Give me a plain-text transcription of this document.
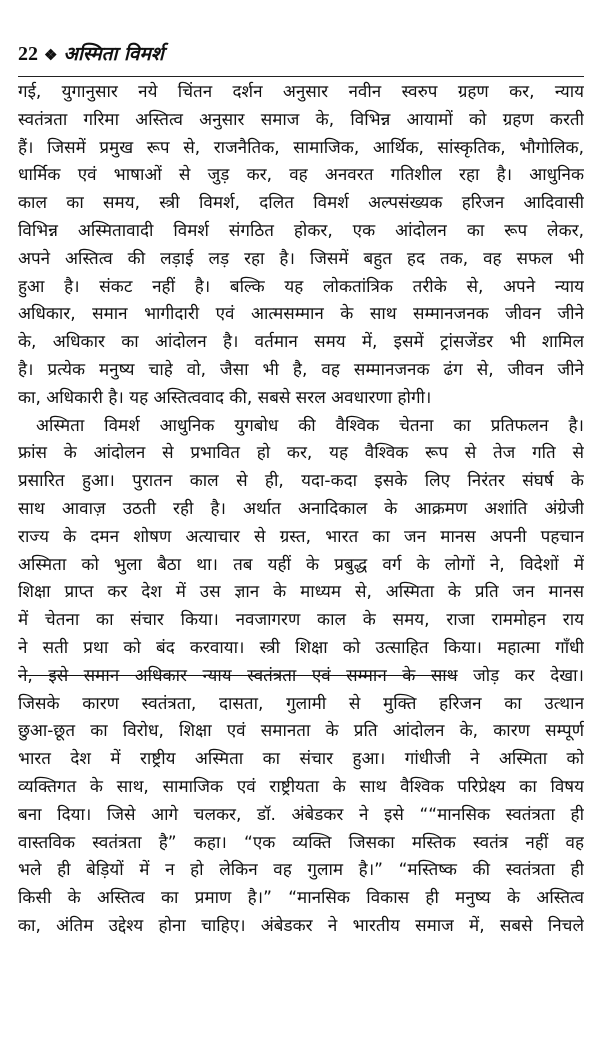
22 ❖ अस्मिता विमर्श
गई, युगानुसार नये चिंतन दर्शन अनुसार नवीन स्वरुप ग्रहण कर, न्याय
स्वतंत्रता गरिमा अस्तित्व अनुसार समाज के, विभिन्न आयामों को ग्रहण करती
हैं। जिसमें प्रमुख रूप से, राजनैतिक, सामाजिक, आर्थिक, सांस्कृतिक, भौगोलिक,
धार्मिक एवं भाषाओं से जुड़ कर, वह अनवरत गतिशील रहा है। आधुनिक
काल का समय, स्त्री विमर्श, दलित विमर्श अल्पसंख्यक हरिजन आदिवासी
विभिन्न अस्मितावादी विमर्श संगठित होकर, एक आंदोलन का रूप लेकर,
अपने अस्तित्व की लड़ाई लड़ रहा है। जिसमें बहुत हद तक, वह सफल भी
हुआ है। संकट नहीं है। बल्कि यह लोकतांत्रिक तरीके से, अपने न्याय
अधिकार, समान भागीदारी एवं आत्मसम्मान के साथ सम्मानजनक जीवन जीने
के, अधिकार का आंदोलन है। वर्तमान समय में, इसमें ट्रांसजेंडर भी शामिल
है। प्रत्येक मनुष्य चाहे वो, जैसा भी है, वह सम्मानजनक ढंग से, जीवन जीने
का, अधिकारी है। यह अस्तित्ववाद की, सबसे सरल अवधारणा होगी।
अस्मिता विमर्श आधुनिक युगबोध की वैश्विक चेतना का प्रतिफलन है।
फ्रांस के आंदोलन से प्रभावित हो कर, यह वैश्विक रूप से तेज गति से
प्रसारित हुआ। पुरातन काल से ही, यदा-कदा इसके लिए निरंतर संघर्ष के
साथ आवाज़ उठती रही है। अर्थात अनादिकाल के आक्रमण अशांति अंग्रेजी
राज्य के दमन शोषण अत्याचार से ग्रस्त, भारत का जन मानस अपनी पहचान
अस्मिता को भुला बैठा था। तब यहीं के प्रबुद्ध वर्ग के लोगों ने, विदेशों में
शिक्षा प्राप्त कर देश में उस ज्ञान के माध्यम से, अस्मिता के प्रति जन मानस
में चेतना का संचार किया। नवजागरण काल के समय, राजा राममोहन राय
ने सती प्रथा को बंद करवाया। स्त्री शिक्षा को उत्साहित किया। महात्मा गाँधी
ने, इसे समान अधिकार न्याय स्वतंत्रता एवं सम्मान के साथ जोड़ कर देखा।
जिसके कारण स्वतंत्रता, दासता, गुलामी से मुक्ति हरिजन का उत्थान
छुआ-छूत का विरोध, शिक्षा एवं समानता के प्रति आंदोलन के, कारण सम्पूर्ण
भारत देश में राष्ट्रीय अस्मिता का संचार हुआ। गांधीजी ने अस्मिता को
व्यक्तिगत के साथ, सामाजिक एवं राष्ट्रीयता के साथ वैश्विक परिप्रेक्ष्य का विषय
बना दिया। जिसे आगे चलकर, डॉ. अंबेडकर ने इसे ““मानसिक स्वतंत्रता ही
वास्तविक स्वतंत्रता है” कहा। “एक व्यक्ति जिसका मस्तिक स्वतंत्र नहीं वह
भले ही बेड़ियों में न हो लेकिन वह गुलाम है।” “मस्तिष्क की स्वतंत्रता ही
किसी के अस्तित्व का प्रमाण है।” “मानसिक विकास ही मनुष्य के अस्तित्व
का, अंतिम उद्देश्य होना चाहिए। अंबेडकर ने भारतीय समाज में, सबसे निचले
